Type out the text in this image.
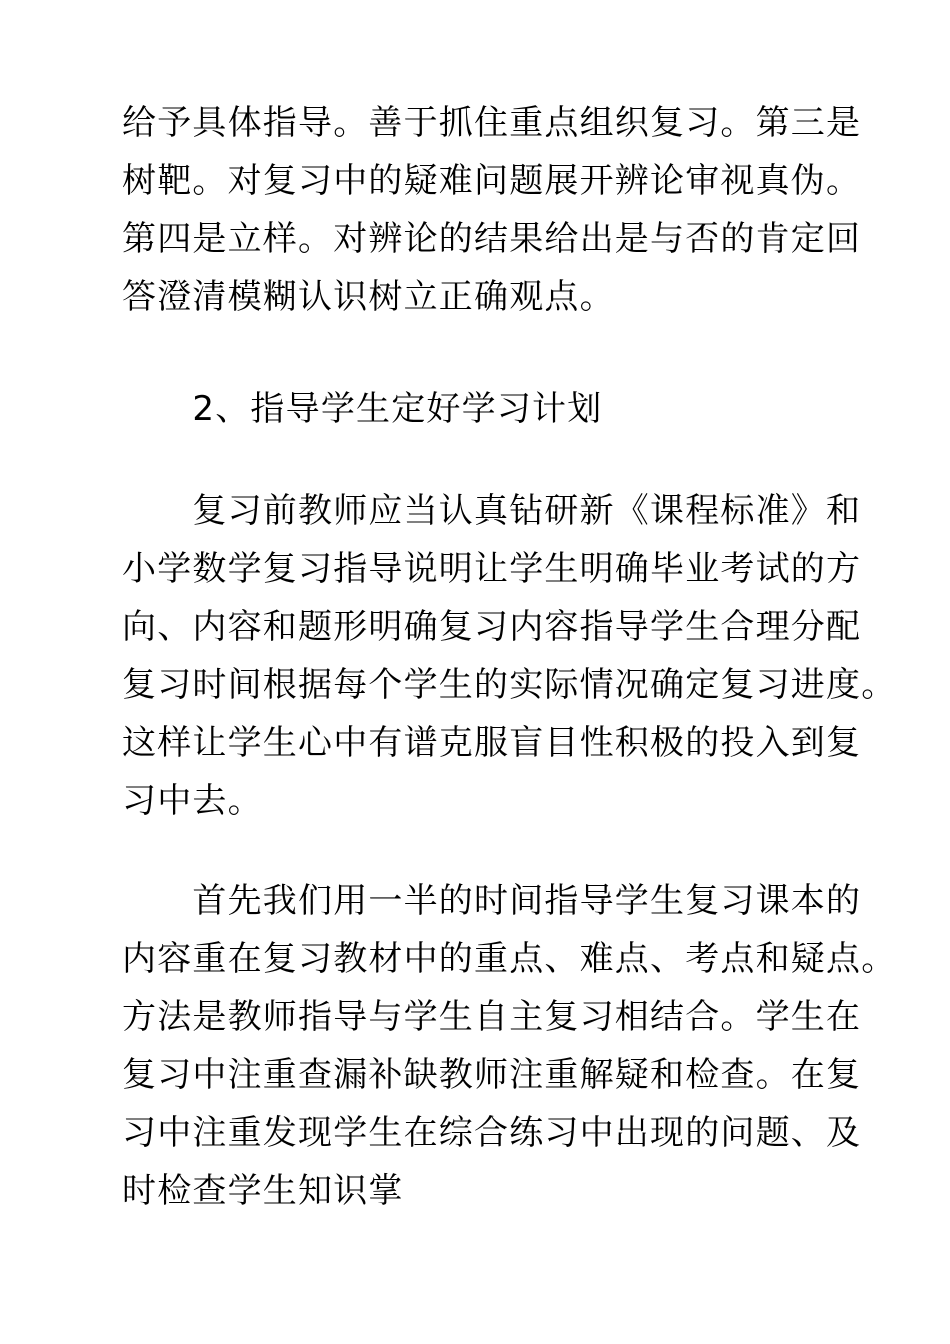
给予具体指导。善于抓住重点组织复习。第三是
树靶。对复习中的疑难问题展开辨论审视真伪。
第四是立样。对辨论的结果给出是与否的肯定回
答澄清模糊认识树立正确观点。
　　2、指导学生定好学习计划
　　复习前教师应当认真钻研新《课程标准》和
小学数学复习指导说明让学生明确毕业考试的方
向、内容和题形明确复习内容指导学生合理分配
复习时间根据每个学生的实际情况确定复习进度。
这样让学生心中有谱克服盲目性积极的投入到复
习中去。
　　首先我们用一半的时间指导学生复习课本的
内容重在复习教材中的重点、难点、考点和疑点。
方法是教师指导与学生自主复习相结合。学生在
复习中注重查漏补缺教师注重解疑和检查。在复
习中注重发现学生在综合练习中出现的问题、及
时检查学生知识掌
